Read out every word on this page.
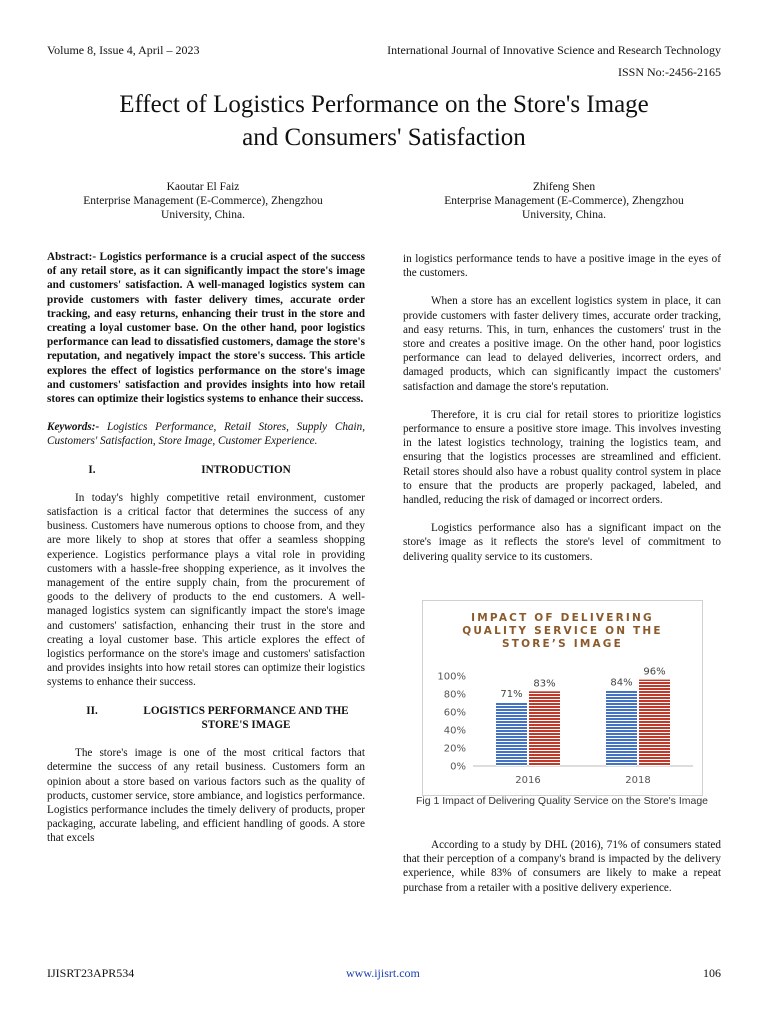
Volume 8, Issue 4, April – 2023	International Journal of Innovative Science and Research Technology
ISSN No:-2456-2165
Effect of Logistics Performance on the Store's Image
and Consumers' Satisfaction
Kaoutar El Faiz
Enterprise Management (E-Commerce), Zhengzhou
University, China.
Zhifeng Shen
Enterprise Management (E-Commerce), Zhengzhou
University, China.

Abstract:- Logistics performance is a crucial aspect of the success of any retail store, as it can significantly impact the store's image and customers' satisfaction. A well-managed logistics system can provide customers with faster delivery times, accurate order tracking, and easy returns, enhancing their trust in the store and creating a loyal customer base. On the other hand, poor logistics performance can lead to dissatisfied customers, damage the store's reputation, and negatively impact the store's success. This article explores the effect of logistics performance on the store's image and customers' satisfaction and provides insights into how retail stores can optimize their logistics systems to enhance their success.

Keywords:- Logistics Performance, Retail Stores, Supply Chain, Customers' Satisfaction, Store Image, Customer Experience.

I.	INTRODUCTION

In today's highly competitive retail environment, customer satisfaction is a critical factor that determines the success of any business. Customers have numerous options to choose from, and they are more likely to shop at stores that offer a seamless shopping experience. Logistics performance plays a vital role in providing customers with a hassle-free shopping experience, as it involves the management of the entire supply chain, from the procurement of goods to the delivery of products to the end customers. A well-managed logistics system can significantly impact the store's image and customers' satisfaction, enhancing their trust in the store and creating a loyal customer base. This article explores the effect of logistics performance on the store's image and customers' satisfaction and provides insights into how retail stores can optimize their logistics systems to enhance their success.

II.	LOGISTICS PERFORMANCE AND THE STORE'S IMAGE

The store's image is one of the most critical factors that determine the success of any retail business. Customers form an opinion about a store based on various factors such as the quality of products, customer service, store ambiance, and logistics performance. Logistics performance includes the timely delivery of products, proper packaging, accurate labeling, and efficient handling of goods. A store that excels

in logistics performance tends to have a positive image in the eyes of the customers.

When a store has an excellent logistics system in place, it can provide customers with faster delivery times, accurate order tracking, and easy returns. This, in turn, enhances the customers' trust in the store and creates a positive image. On the other hand, poor logistics performance can lead to delayed deliveries, incorrect orders, and damaged products, which can significantly impact the customers' satisfaction and damage the store's reputation.

Therefore, it is cru cial for retail stores to prioritize logistics performance to ensure a positive store image. This involves investing in the latest logistics technology, training the logistics team, and ensuring that the logistics processes are streamlined and efficient. Retail stores should also have a robust quality control system in place to ensure that the products are properly packaged, labeled, and handled, reducing the risk of damaged or incorrect orders.

Logistics performance also has a significant impact on the store's image as it reflects the store's level of commitment to delivering quality service to its customers.

IMPACT OF DELIVERING
QUALITY SERVICE ON THE
STORE’S IMAGE
0%
20%
40%
60%
80%
100%
71%
83%
2016
84%
96%
2018
Fig 1 Impact of Delivering Quality Service on the Store's Image

According to a study by DHL (2016), 71% of consumers stated that their perception of a company's brand is impacted by the delivery experience, while 83% of consumers are likely to make a repeat purchase from a retailer with a positive delivery experience.

IJISRT23APR534	www.ijisrt.com	106
